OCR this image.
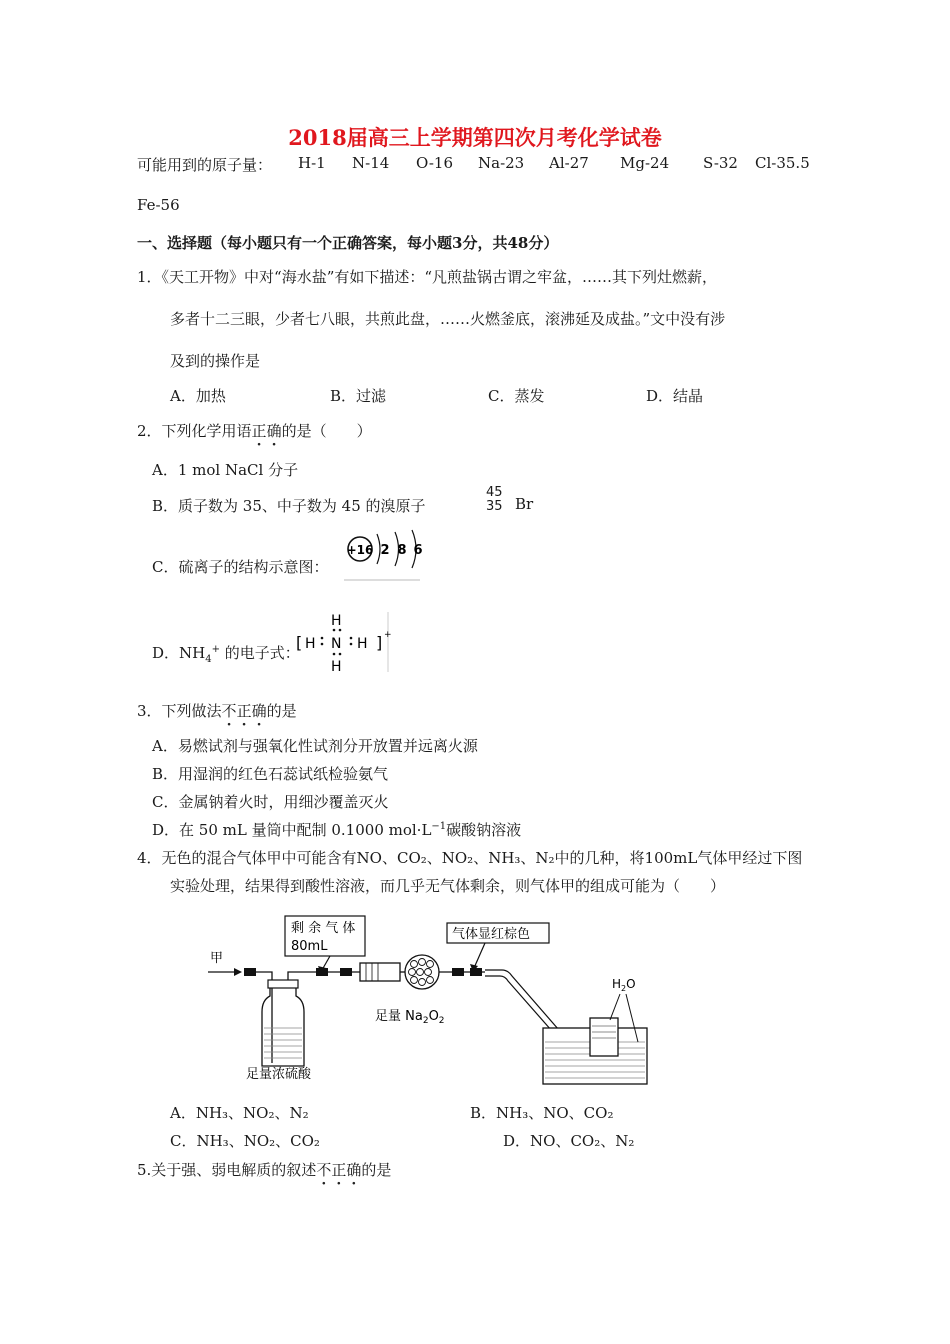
2018届高三上学期第四次月考化学试卷
可能用到的原子量： H-1 N-14 O-16 Na-23 Al-27 Mg-24 S-32 Cl-35.5
Fe-56
一、选择题（每小题只有一个正确答案，每小题3分，共48分）
1．《天工开物》中对“海水盐”有如下描述：“凡煎盐锅古谓之牢盆，……其下列灶燃薪，
多者十二三眼，少者七八眼，共煎此盘，……火燃釜底，滚沸延及成盐。”文中没有涉
及到的操作是
A．加热	B．过滤	C．蒸发	D．结晶
2．下列化学用语正确的是（　　）
A．1 mol NaCl 分子
B．质子数为 35、中子数为 45 的溴原子
45
35 Br
C．硫离子的结构示意图：
+16 2 8 6
D．$NH_4^+$ 的电子式：
[	] +
H
H N H
H
3．下列做法不正确的是
A．易燃试剂与强氧化性试剂分开放置并远离火源
B．用湿润的红色石蕊试纸检验氨气
C．金属钠着火时，用细沙覆盖灭火
D．在 50 mL 量筒中配制 0.1000 $mol\cdot L^{-1}$碳酸钠溶液
4．无色的混合气体甲中可能含有NO、CO₂、NO₂、NH₃、N₂中的几种，将100mL气体甲经过下图
实验处理，结果得到酸性溶液，而几乎无气体剩余，则气体甲的组成可能为（　　）
甲
足量浓硫酸
剩 余 气 体
80mL
足量 $Na_2O_2$
气体显红棕色
$H_2O$
A．NH₃、NO₂、N₂	B．NH₃、NO、CO₂
C．NH₃、NO₂、CO₂	D．NO、CO₂、N₂
5.关于强、弱电解质的叙述不正确的是
